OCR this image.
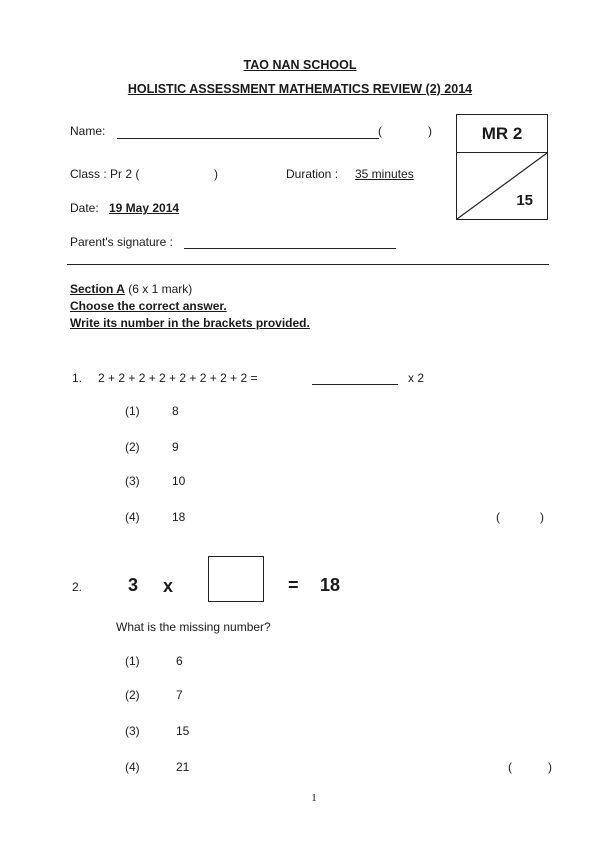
TAO NAN SCHOOL
HOLISTIC ASSESSMENT MATHEMATICS REVIEW (2) 2014
Name:	(	)
Class : Pr 2 (	)	Duration : 35 minutes
Date: 19 May 2014
Parent's signature :
MR 2
15
Section A (6 x 1 mark)
Choose the correct answer.
Write its number in the brackets provided.
1. 2 + 2 + 2 + 2 + 2 + 2 + 2 + 2 =	x 2
(1)	8
(2)	9
(3)	10
(4)	18	(	)
2.	3 x	= 18
What is the missing number?
(1)	6
(2)	7
(3)	15
(4)	21	(	)
1
